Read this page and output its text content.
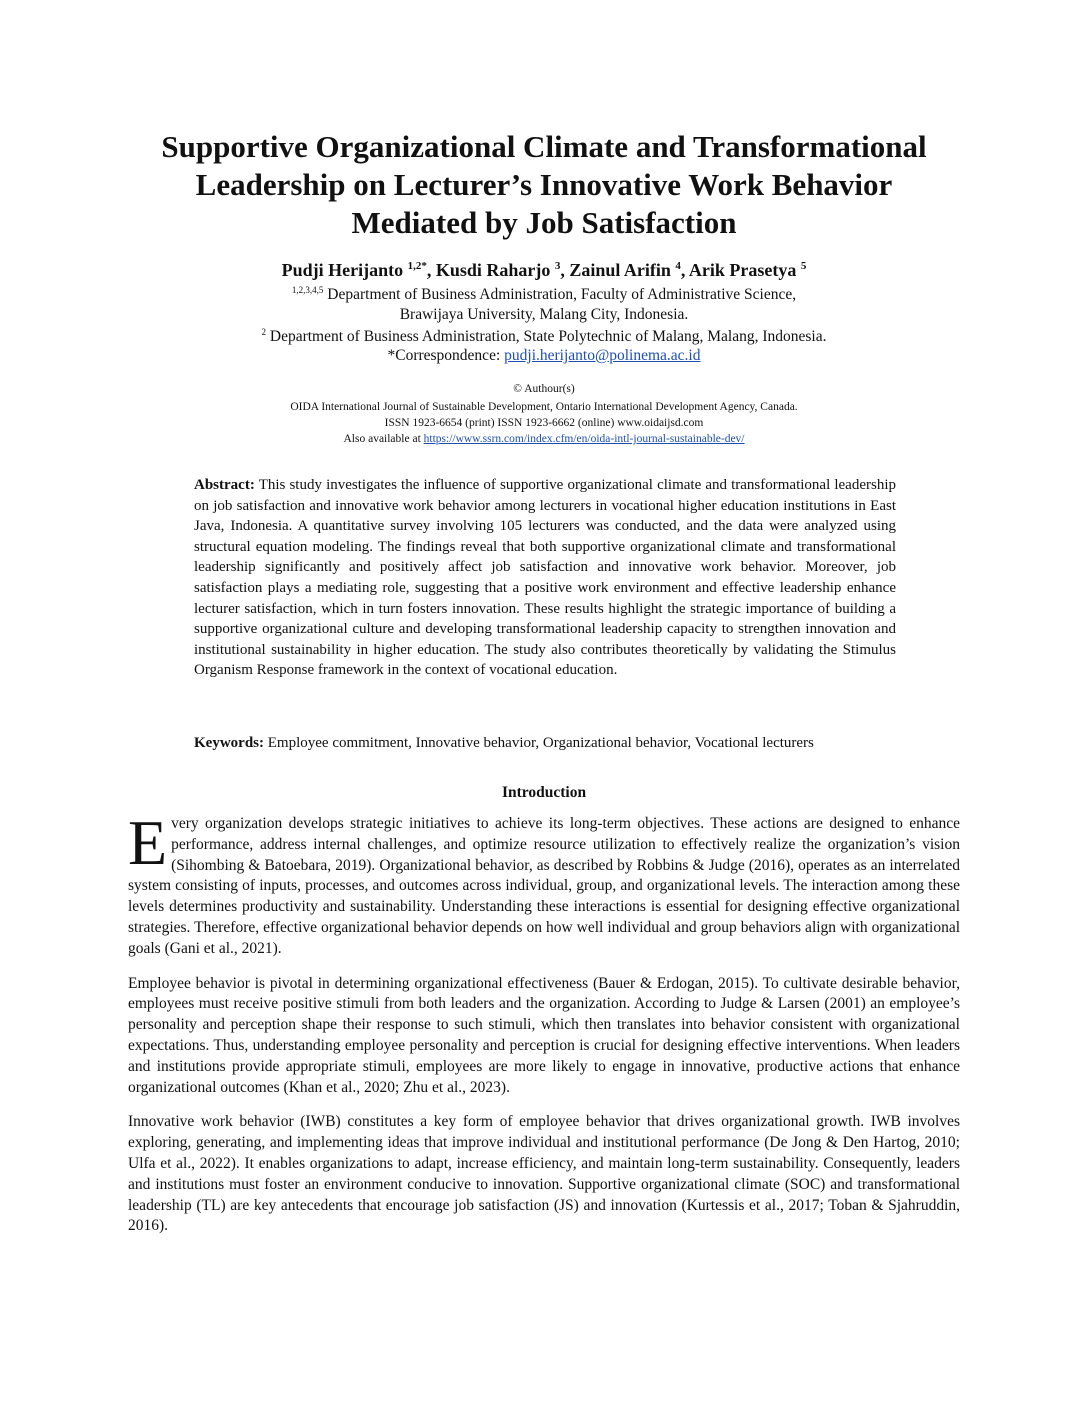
Supportive Organizational Climate and Transformational
Leadership on Lecturer’s Innovative Work Behavior
Mediated by Job Satisfaction
Pudji Herijanto $^{1,2*}$, Kusdi Raharjo $^3$, Zainul Arifin $^4$, Arik Prasetya $^5$
$^{1,2,3,4,5}$ Department of Business Administration, Faculty of Administrative Science,
Brawijaya University, Malang City, Indonesia.
$^2$ Department of Business Administration, State Polytechnic of Malang, Malang, Indonesia.
*Correspondence: pudji.herijanto@polinema.ac.id
© Authour(s)
OIDA International Journal of Sustainable Development, Ontario International Development Agency, Canada.
ISSN 1923-6654 (print) ISSN 1923-6662 (online) www.oidaijsd.com
Also available at https://www.ssrn.com/index.cfm/en/oida-intl-journal-sustainable-dev/
Abstract: This study investigates the influence of supportive organizational climate and transformational leadership on job satisfaction and innovative work behavior among lecturers in vocational higher education institutions in East Java, Indonesia. A quantitative survey involving 105 lecturers was conducted, and the data were analyzed using structural equation modeling. The findings reveal that both supportive organizational climate and transformational leadership significantly and positively affect job satisfaction and innovative work behavior. Moreover, job satisfaction plays a mediating role, suggesting that a positive work environment and effective leadership enhance lecturer satisfaction, which in turn fosters innovation. These results highlight the strategic importance of building a supportive organizational culture and developing transformational leadership capacity to strengthen innovation and institutional sustainability in higher education. The study also contributes theoretically by validating the Stimulus Organism Response framework in the context of vocational education.
Keywords: Employee commitment, Innovative behavior, Organizational behavior, Vocational lecturers
Introduction

Every organization develops strategic initiatives to achieve its long-term objectives. These actions are designed to enhance performance, address internal challenges, and optimize resource utilization to effectively realize the organization’s vision (Sihombing & Batoebara, 2019). Organizational behavior, as described by Robbins & Judge (2016), operates as an interrelated system consisting of inputs, processes, and outcomes across individual, group, and organizational levels. The interaction among these levels determines productivity and sustainability. Understanding these interactions is essential for designing effective organizational strategies. Therefore, effective organizational behavior depends on how well individual and group behaviors align with organizational goals (Gani et al., 2021).

Employee behavior is pivotal in determining organizational effectiveness (Bauer & Erdogan, 2015). To cultivate desirable behavior, employees must receive positive stimuli from both leaders and the organization. According to Judge & Larsen (2001) an employee’s personality and perception shape their response to such stimuli, which then translates into behavior consistent with organizational expectations. Thus, understanding employee personality and perception is crucial for designing effective interventions. When leaders and institutions provide appropriate stimuli, employees are more likely to engage in innovative, productive actions that enhance organizational outcomes (Khan et al., 2020; Zhu et al., 2023).

Innovative work behavior (IWB) constitutes a key form of employee behavior that drives organizational growth. IWB involves exploring, generating, and implementing ideas that improve individual and institutional performance (De Jong & Den Hartog, 2010; Ulfa et al., 2022). It enables organizations to adapt, increase efficiency, and maintain long-term sustainability. Consequently, leaders and institutions must foster an environment conducive to innovation. Supportive organizational climate (SOC) and transformational leadership (TL) are key antecedents that encourage job satisfaction (JS) and innovation (Kurtessis et al., 2017; Toban & Sjahruddin, 2016).
